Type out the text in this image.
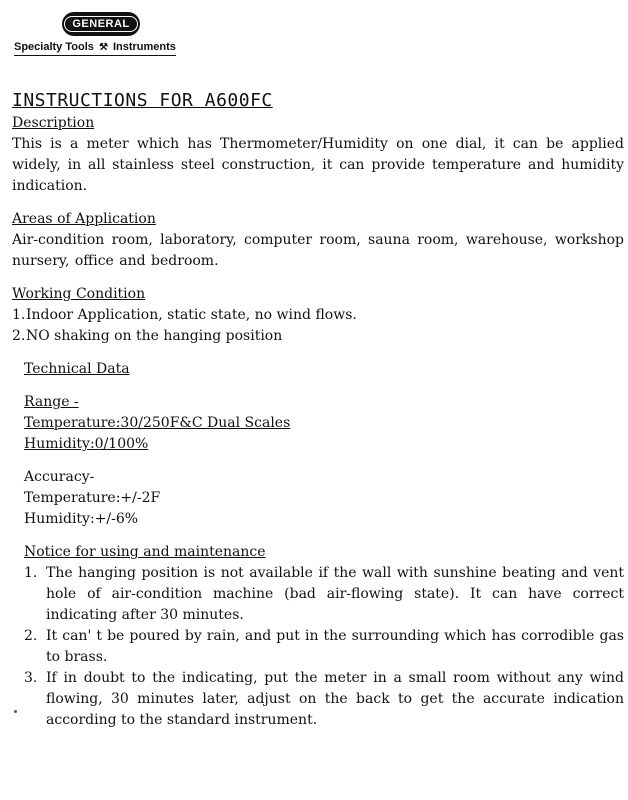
GENERAL
Specialty Tools ⚒ Instruments
INSTRUCTIONS FOR A600FC
Description

This is a meter which has Thermometer/Humidity on one dial, it can be applied widely, in all stainless steel construction, it can provide temperature and humidity indication.

Areas of Application

Air-condition room, laboratory, computer room, sauna room, warehouse, workshop nursery, office and bedroom.

Working Condition
1. Indoor Application, static state, no wind flows.
2. NO shaking on the hanging position
Technical Data
Range -
Temperature:30/250F&C Dual Scales
Humidity:0/100%
Accuracy-
Temperature:+/-2F
Humidity:+/-6%
Notice for using and maintenance
1. The hanging position is not available if the wall with sunshine beating and vent hole of air-condition machine (bad air-flowing state). It can have correct indicating after 30 minutes.
2. It can' t be poured by rain, and put in the surrounding which has corrodible gas to brass.
3. If in doubt to the indicating, put the meter in a small room without any wind flowing, 30 minutes later, adjust on the back to get the accurate indication according to the standard instrument.
